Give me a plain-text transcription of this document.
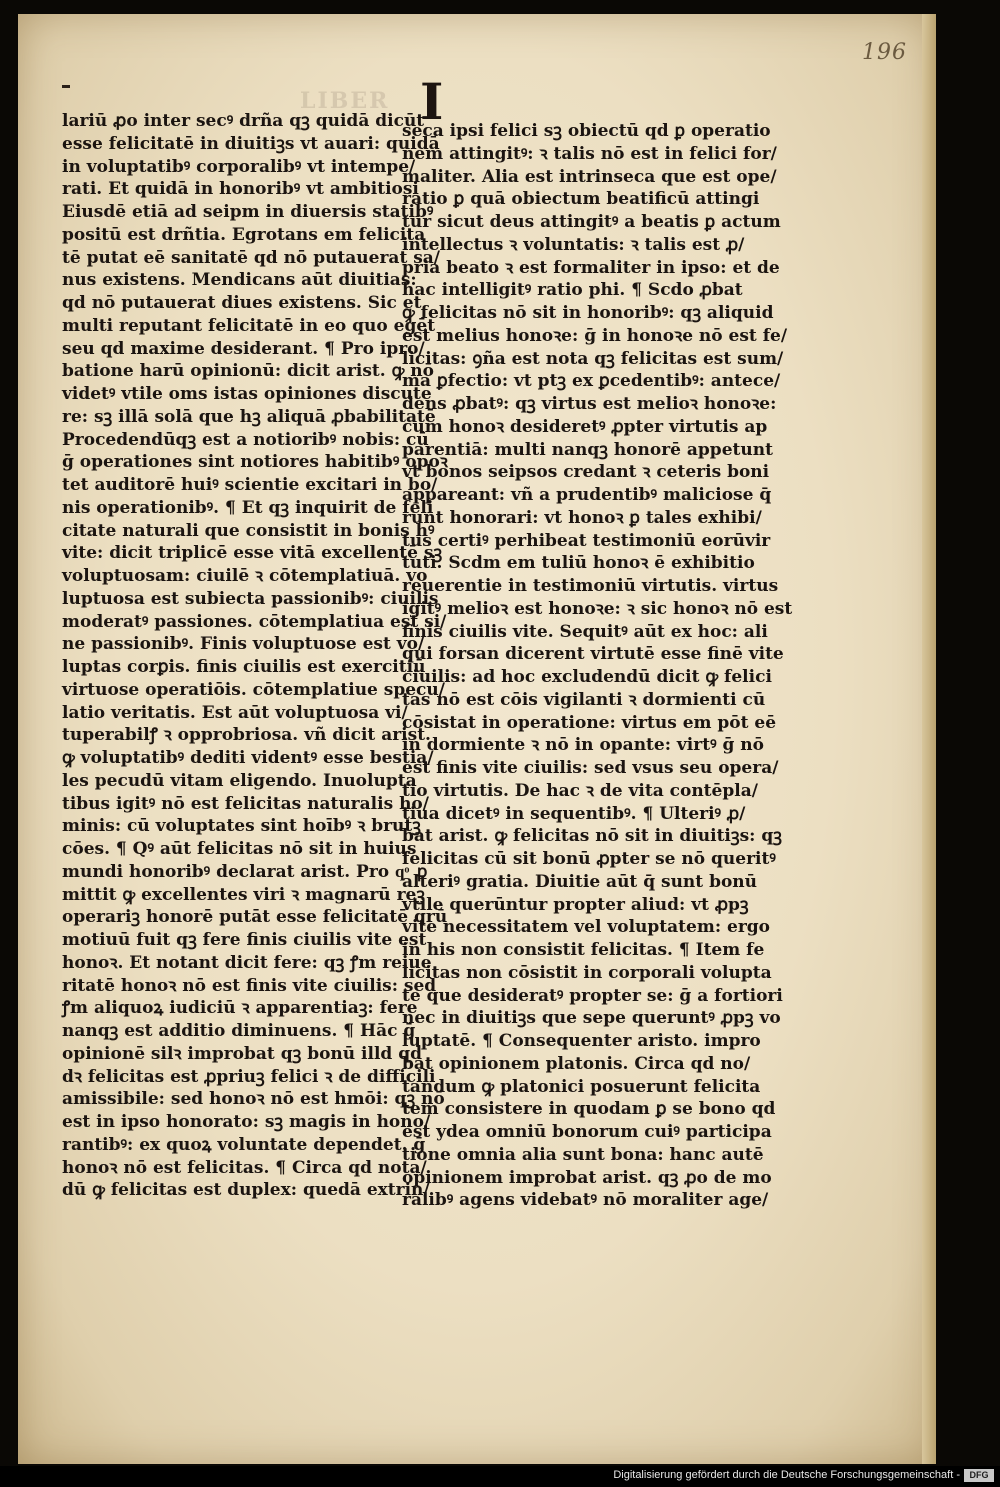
196
LIBER I
lariū ꝓo inter secꝰ drña qꝫ quidā dicūt
esse felicitatē in diuitiꝫs vt auari: quidā
in voluptatibꝰ corporalibꝰ vt intempe/
rati. Et quidā in honoribꝰ vt ambitiosi
Eiusdē etiā ad seipm in diuersis statibꝰ
positū est drñtia. Egrotans em felicita
tē putat eē sanitatē qd nō putauerat sa/
nus existens. Mendicans aūt diuitias:
qd nō putauerat diues existens. Sic et
multi reputant felicitatē in eo quo egēt
seu qd maxime desiderant. ¶ Pro ipro/
batione harū opinionū: dicit arist. ꝙ nō
videtꝰ vtile oms istas opiniones discute
re: sꝫ illā solā que hꝫ aliquā ꝓbabilitatē
Procedendūqꝫ est a notioribꝰ nobis: cū
ḡ operationes sint notiores habitibꝰ opoꝛ
tet auditorē huiꝰ scientie excitari in bo/
nis operationibꝰ. ¶ Et qꝫ inquirit de feli
citate naturali que consistit in bonis hꝰ
vite: dicit triplicē esse vitā excellentē sꝫ
voluptuosam: ciuilē ꝛ cōtemplatiuā. vo
luptuosa est subiecta passionibꝰ: ciuilis
moderatꝰ passiones. cōtemplatiua est si/
ne passionibꝰ. Finis voluptuose est vo/
luptas corꝑis. finis ciuilis est exercitiū
virtuose operatiōis. cōtemplatiue specu/
latio veritatis. Est aūt voluptuosa vi/
tuperabilꝭ ꝛ opprobriosa. vñ dicit arist.
ꝙ voluptatibꝰ dediti videntꝰ esse bestia/
les pecudū vitam eligendo. Inuolupta
tibus igitꝰ nō est felicitas naturalis ho/
minis: cū voluptates sint hoībꝰ ꝛ brutꝫ
cōes. ¶ Qꝰ aūt felicitas nō sit in huius
mundi honoribꝰ declarat arist. Pro qͦ ꝓ
mittit ꝙ excellentes viri ꝛ magnarū reꝫ
operariꝫ honorē putāt esse felicitatē qrū
motiuū fuit qꝫ fere finis ciuilis vite est
honoꝛ. Et notant dicit fere: qꝫ ꝭm reiue
ritatē honoꝛ nō est finis vite ciuilis: sed
ꝭm aliquoꝝ iudiciū ꝛ apparentiaꝫ: fere
nanqꝫ est additio diminuens. ¶ Hāc ḡ
opinionē silꝛ improbat qꝫ bonū illd qd
dꝛ felicitas est ꝓpriuꝫ felici ꝛ de difficili
amissibile: sed honoꝛ nō est hmōi: qꝫ nō
est in ipso honorato: sꝫ magis in hono/
rantibꝰ: ex quoꝝ voluntate dependet. ḡ
honoꝛ nō est felicitas. ¶ Circa qd nota/
dū ꝙ felicitas est duplex: quedā extrin/
seca ipsi felici sꝫ obiectū qd ꝑ operatio
nem attingitꝰ: ꝛ talis nō est in felici for/
maliter. Alia est intrinseca que est ope/
ratio ꝑ quā obiectum beatificū attingi
tur sicut deus attingitꝰ a beatis ꝑ actum
intellectus ꝛ voluntatis: ꝛ talis est ꝓ/
pria beato ꝛ est formaliter in ipso: et de
hac intelligitꝰ ratio phi. ¶ Scdo ꝓbat
ꝙ felicitas nō sit in honoribꝰ: qꝫ aliquid
est melius honoꝛe: ḡ in honoꝛe nō est fe/
licitas: ꝯña est nota qꝫ felicitas est sum/
ma ꝑfectio: vt ptꝫ ex ꝑcedentibꝰ: antece/
dens ꝓbatꝰ: qꝫ virtus est melioꝛ honoꝛe:
cum honoꝛ desideretꝰ ꝓpter virtutis ap
parentiā: multi nanqꝫ honorē appetunt
vt bonos seipsos credant ꝛ ceteris boni
appareant: vñ a prudentibꝰ maliciose q̄
runt honorari: vt honoꝛ ꝑ tales exhibi/
tus certiꝰ perhibeat testimoniū eorūvir
tuti. Scdm em tuliū honoꝛ ē exhibitio
reuerentie in testimoniū virtutis. virtus
igitꝰ melioꝛ est honoꝛe: ꝛ sic honoꝛ nō est
finis ciuilis vite. Sequitꝰ aūt ex hoc: ali
qui forsan dicerent virtutē esse finē vite
ciuilis: ad hoc excludendū dicit ꝙ felici
tas nō est cōis vigilanti ꝛ dormienti cū
cōsistat in operatione: virtus em pōt eē
in dormiente ꝛ nō in opante: virtꝰ ḡ nō
est finis vite ciuilis: sed vsus seu opera/
tio virtutis. De hac ꝛ de vita contēpla/
tiua dicetꝰ in sequentibꝰ. ¶ Ulteriꝰ ꝓ/
bat arist. ꝙ felicitas nō sit in diuitiꝫs: qꝫ
felicitas cū sit bonū ꝓpter se nō queritꝰ
alteriꝰ gratia. Diuitie aūt q̄ sunt bonū
vtile querūntur propter aliud: vt ꝓpꝫ
vite necessitatem vel voluptatem: ergo
in his non consistit felicitas. ¶ Item fe
licitas non cōsistit in corporali volupta
te que desideratꝰ propter se: ḡ a fortiori
nec in diuitiꝫs que sepe queruntꝰ ꝓpꝫ vo
luptatē. ¶ Consequenter aristo. impro
bat opinionem platonis. Circa qd no/
tandum ꝙ platonici posuerunt felicita
tem consistere in quodam ꝑ se bono qd
est ydea omniū bonorum cuiꝰ participa
tione omnia alia sunt bona: hanc autē
opinionem improbat arist. qꝫ ꝓo de mo
ralibꝰ agens videbatꝰ nō moraliter age/
Digitalisierung gefördert durch die Deutsche Forschungsgemeinschaft -	DFG
